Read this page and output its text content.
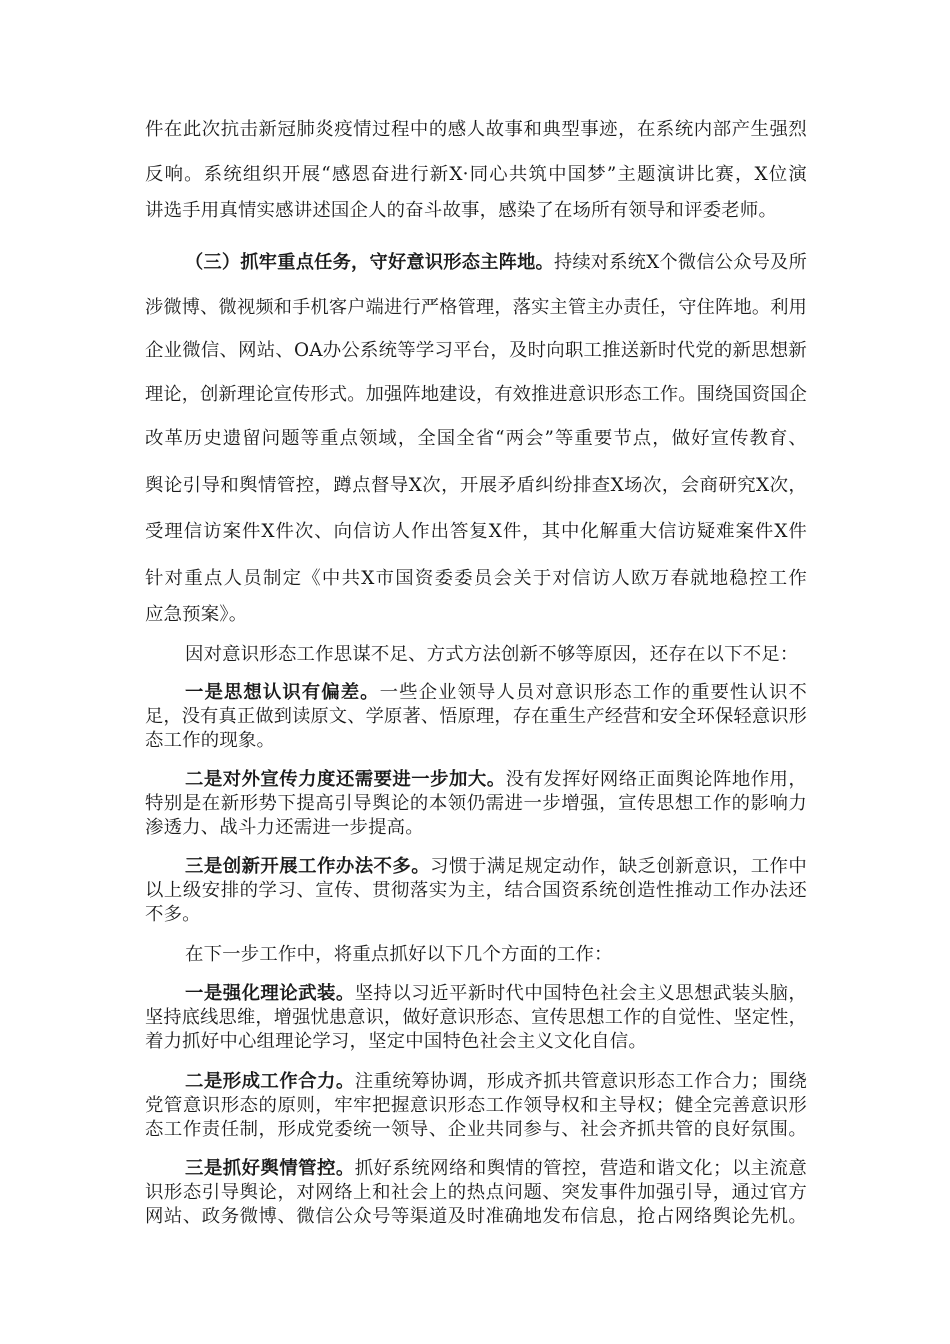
件在此次抗击新冠肺炎疫情过程中的感人故事和典型事迹，在系统内部产生强烈
反响。系统组织开展“感恩奋进行新X·同心共筑中国梦”主题演讲比赛，X位演
讲选手用真情实感讲述国企人的奋斗故事，感染了在场所有领导和评委老师。
（三）抓牢重点任务，守好意识形态主阵地。持续对系统X个微信公众号及所
涉微博、微视频和手机客户端进行严格管理，落实主管主办责任，守住阵地。利用
企业微信、网站、OA办公系统等学习平台，及时向职工推送新时代党的新思想新
理论，创新理论宣传形式。加强阵地建设，有效推进意识形态工作。围绕国资国企
改革历史遗留问题等重点领域，全国全省“两会”等重要节点，做好宣传教育、
舆论引导和舆情管控，蹲点督导X次，开展矛盾纠纷排查X场次，会商研究X次，
受理信访案件X件次、向信访人作出答复X件，其中化解重大信访疑难案件X件
针对重点人员制定《中共X市国资委委员会关于对信访人欧万春就地稳控工作
应急预案》。
因对意识形态工作思谋不足、方式方法创新不够等原因，还存在以下不足：
一是思想认识有偏差。一些企业领导人员对意识形态工作的重要性认识不
足，没有真正做到读原文、学原著、悟原理，存在重生产经营和安全环保轻意识形
态工作的现象。
二是对外宣传力度还需要进一步加大。没有发挥好网络正面舆论阵地作用，
特别是在新形势下提高引导舆论的本领仍需进一步增强，宣传思想工作的影响力
渗透力、战斗力还需进一步提高。
三是创新开展工作办法不多。习惯于满足规定动作，缺乏创新意识，工作中
以上级安排的学习、宣传、贯彻落实为主，结合国资系统创造性推动工作办法还
不多。
在下一步工作中，将重点抓好以下几个方面的工作：
一是强化理论武装。坚持以习近平新时代中国特色社会主义思想武装头脑，
坚持底线思维，增强忧患意识，做好意识形态、宣传思想工作的自觉性、坚定性，
着力抓好中心组理论学习，坚定中国特色社会主义文化自信。
二是形成工作合力。注重统筹协调，形成齐抓共管意识形态工作合力；围绕
党管意识形态的原则，牢牢把握意识形态工作领导权和主导权；健全完善意识形
态工作责任制，形成党委统一领导、企业共同参与、社会齐抓共管的良好氛围。
三是抓好舆情管控。抓好系统网络和舆情的管控，营造和谐文化；以主流意
识形态引导舆论，对网络上和社会上的热点问题、突发事件加强引导，通过官方
网站、政务微博、微信公众号等渠道及时准确地发布信息，抢占网络舆论先机。
